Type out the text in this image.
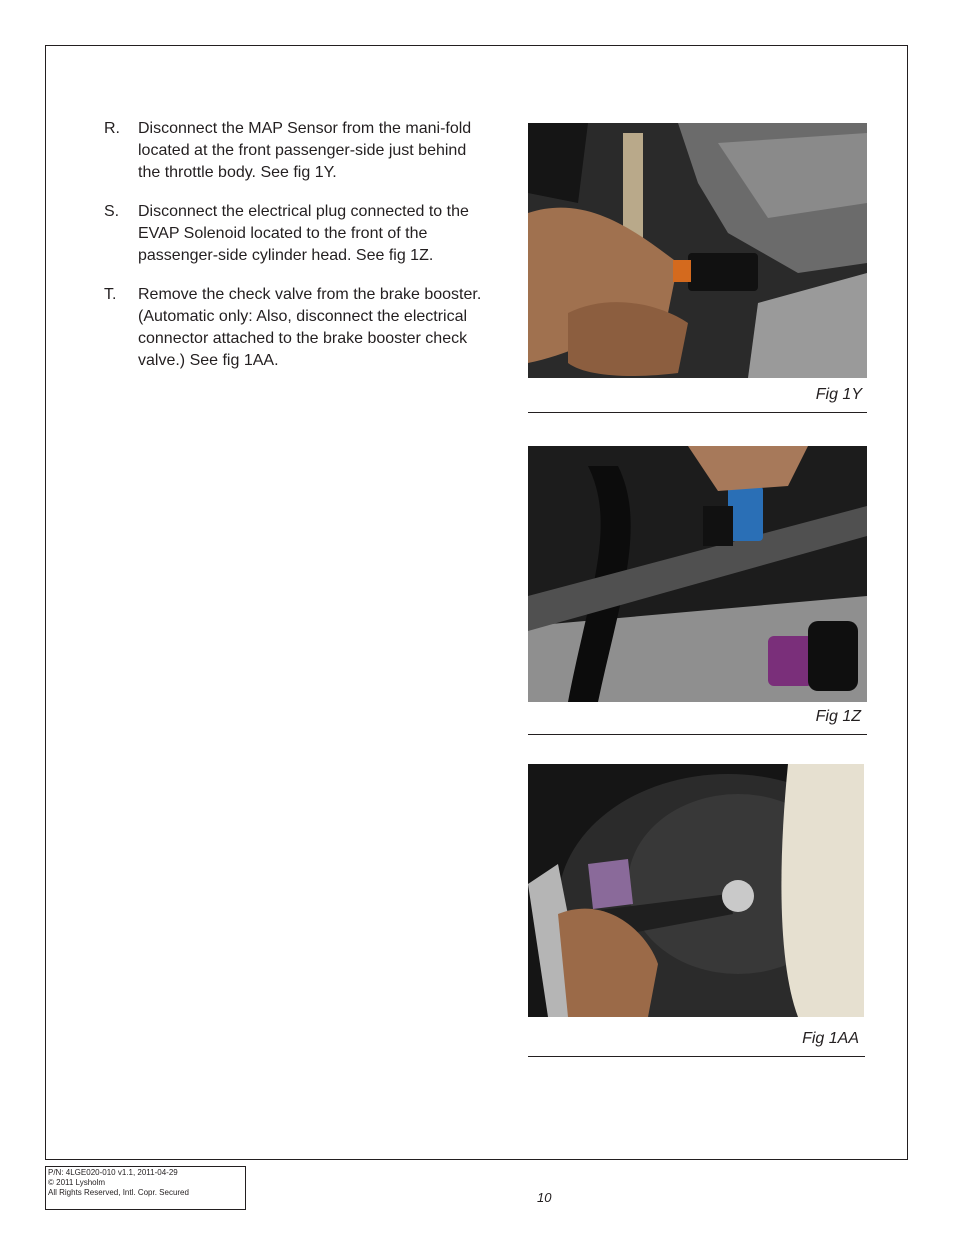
R.	Disconnect the MAP Sensor from the mani-fold located at the front passenger-side just behind the throttle body. See fig 1Y.
S.	Disconnect the electrical plug connected to the EVAP Solenoid located to the front of the passenger-side cylinder head. See fig 1Z.
T.	Remove the check valve from the brake booster. (Automatic only: Also, disconnect the electrical connector attached to the brake booster check valve.) See fig 1AA.
Fig 1Y
Fig 1Z
Fig 1AA
P/N: 4LGE020-010 v1.1, 2011-04-29
© 2011 Lysholm
All Rights Reserved, Intl. Copr. Secured	10
